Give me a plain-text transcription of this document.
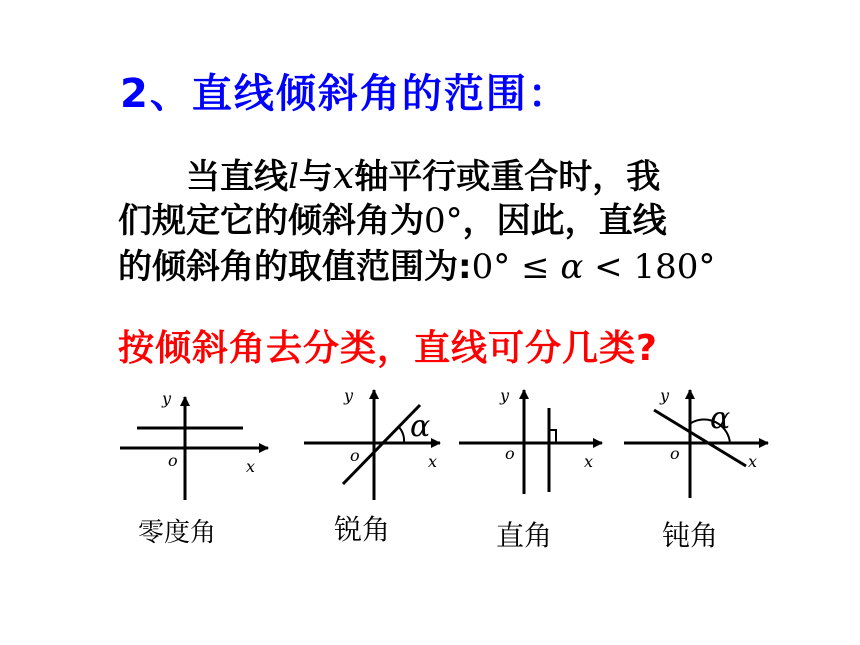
2、直线倾斜角的范围：
当直线l与x轴平行或重合时，我
们规定它的倾斜角为0°，因此，直线
的倾斜角的取值范围为:0° ≤ α < 180°
按倾斜角去分类，直线可分几类?
y
o	x
y
o	x
α
y
o	x
y
o	x
α
零度角	锐角	直角	钝角
